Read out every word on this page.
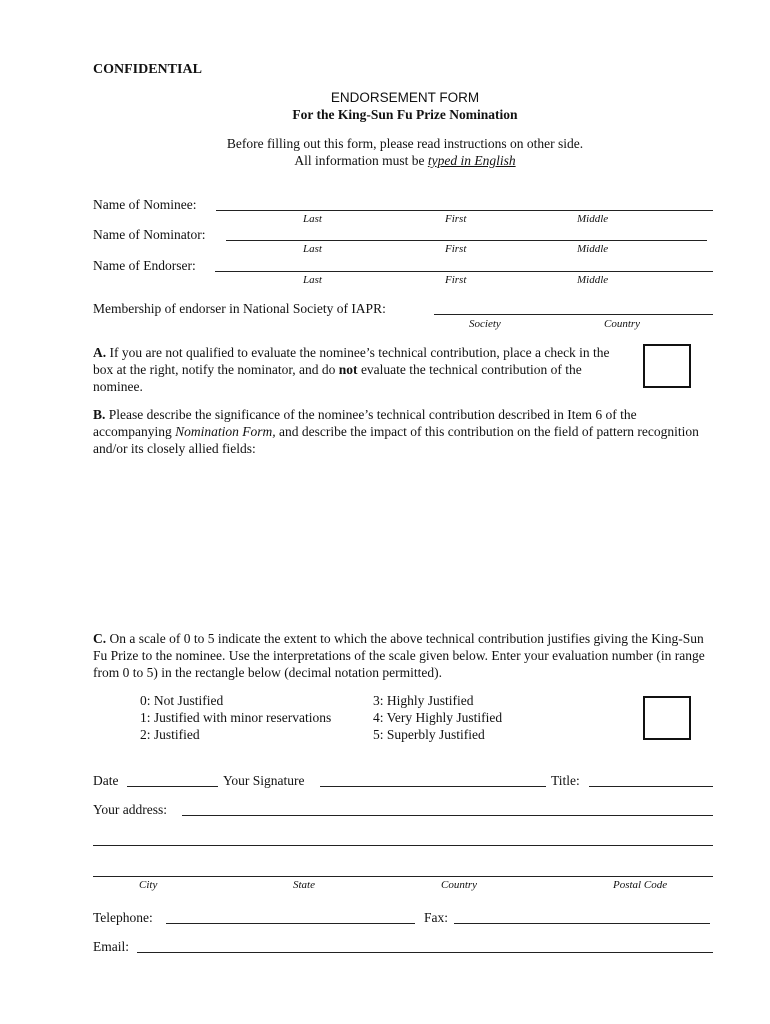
CONFIDENTIAL
ENDORSEMENT FORM
For the King-Sun Fu Prize Nomination
Before filling out this form, please read instructions on other side.
All information must be typed in English
Name of Nominee:
Last	First	Middle
Name of Nominator:
Last	First	Middle
Name of Endorser:
Last	First	Middle
Membership of endorser in National Society of IAPR:
Society	Country
A. If you are not qualified to evaluate the nominee’s technical contribution, place a check in the box at the right, notify the nominator, and do not evaluate the technical contribution of the nominee.
B. Please describe the significance of the nominee’s technical contribution described in Item 6 of the accompanying Nomination Form, and describe the impact of this contribution on the field of pattern recognition and/or its closely allied fields:
C. On a scale of 0 to 5 indicate the extent to which the above technical contribution justifies giving the King-Sun Fu Prize to the nominee. Use the interpretations of the scale given below. Enter your evaluation number (in range from 0 to 5) in the rectangle below (decimal notation permitted).
0: Not Justified
1: Justified with minor reservations
2: Justified
3: Highly Justified
4: Very Highly Justified
5: Superbly Justified
Date	Your Signature	Title:
Your address:
City	State	Country	Postal Code
Telephone:	Fax:
Email:
